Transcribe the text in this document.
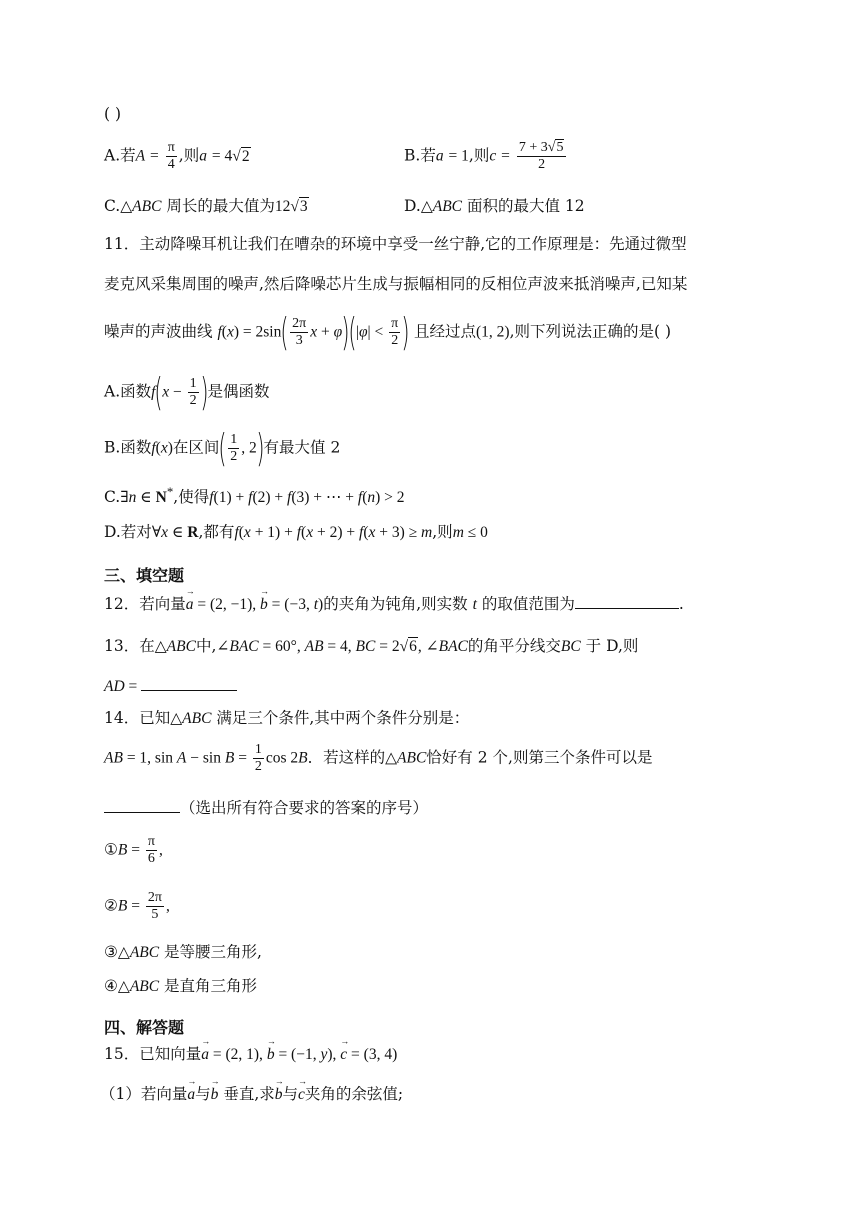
( )
A.若$A = \frac{\pi}{4}$ ,则a = 4√2	B.若a = 1,则$c = \frac{7 + 3√5}{2}$
C.△ABC 周长的最大值为12√3	D.△ABC 面积的最大值 12
11．主动降噪耳机让我们在嘈杂的环境中享受一丝宁静,它的工作原理是：先通过微型
麦克风采集周围的噪声,然后降噪芯片生成与振幅相同的反相位声波来抵消噪声,已知某
噪声的声波曲线 $f(x) = 2\sin( \frac{2\pi}{3}$ $x + \varphi)(|\varphi| < \frac{\pi}{2}$ ) 且经过点(1, 2),则下列说法正确的是( )
A.函数$f(x - \frac{1}{2}$ )是偶函数
B.函数f(x)在区间( $\frac{1}{2}$ , 2)有最大值 2
C.∃n ∈ N*,使得f(1) + f(2) + f(3) + ⋯ + f(n) > 2
D.若对∀x ∈ R,都有f(x + 1) + f(x + 2) + f(x + 3) ≥ m,则m ≤ 0
三、填空题
12．若向量→ a = (2, −1), → b = (−3, t)的夹角为钝角,则实数 t 的取值范围为	.
13．在△ABC中,∠BAC = 60°, AB = 4, BC = 2√6, ∠BAC的角平分线交BC 于 D,则
AD =
14．已知△ABC 满足三个条件,其中两个条件分别是：
AB = 1, $\sin A - \sin B = \frac{1}{2}$ cos 2B．若这样的△ABC恰好有 2 个,则第三个条件可以是
（选出所有符合要求的答案的序号）
①B = $\frac{\pi}{6}$ ,
②B = $\frac{2\pi}{5}$ ,
③△ABC 是等腰三角形,
④△ABC 是直角三角形
四、解答题
15．已知向量→ a = (2, 1), → b = (−1, y), → c = (3, 4)
（1）若向量→ a与→ b 垂直,求→ b与→ c夹角的余弦值;
